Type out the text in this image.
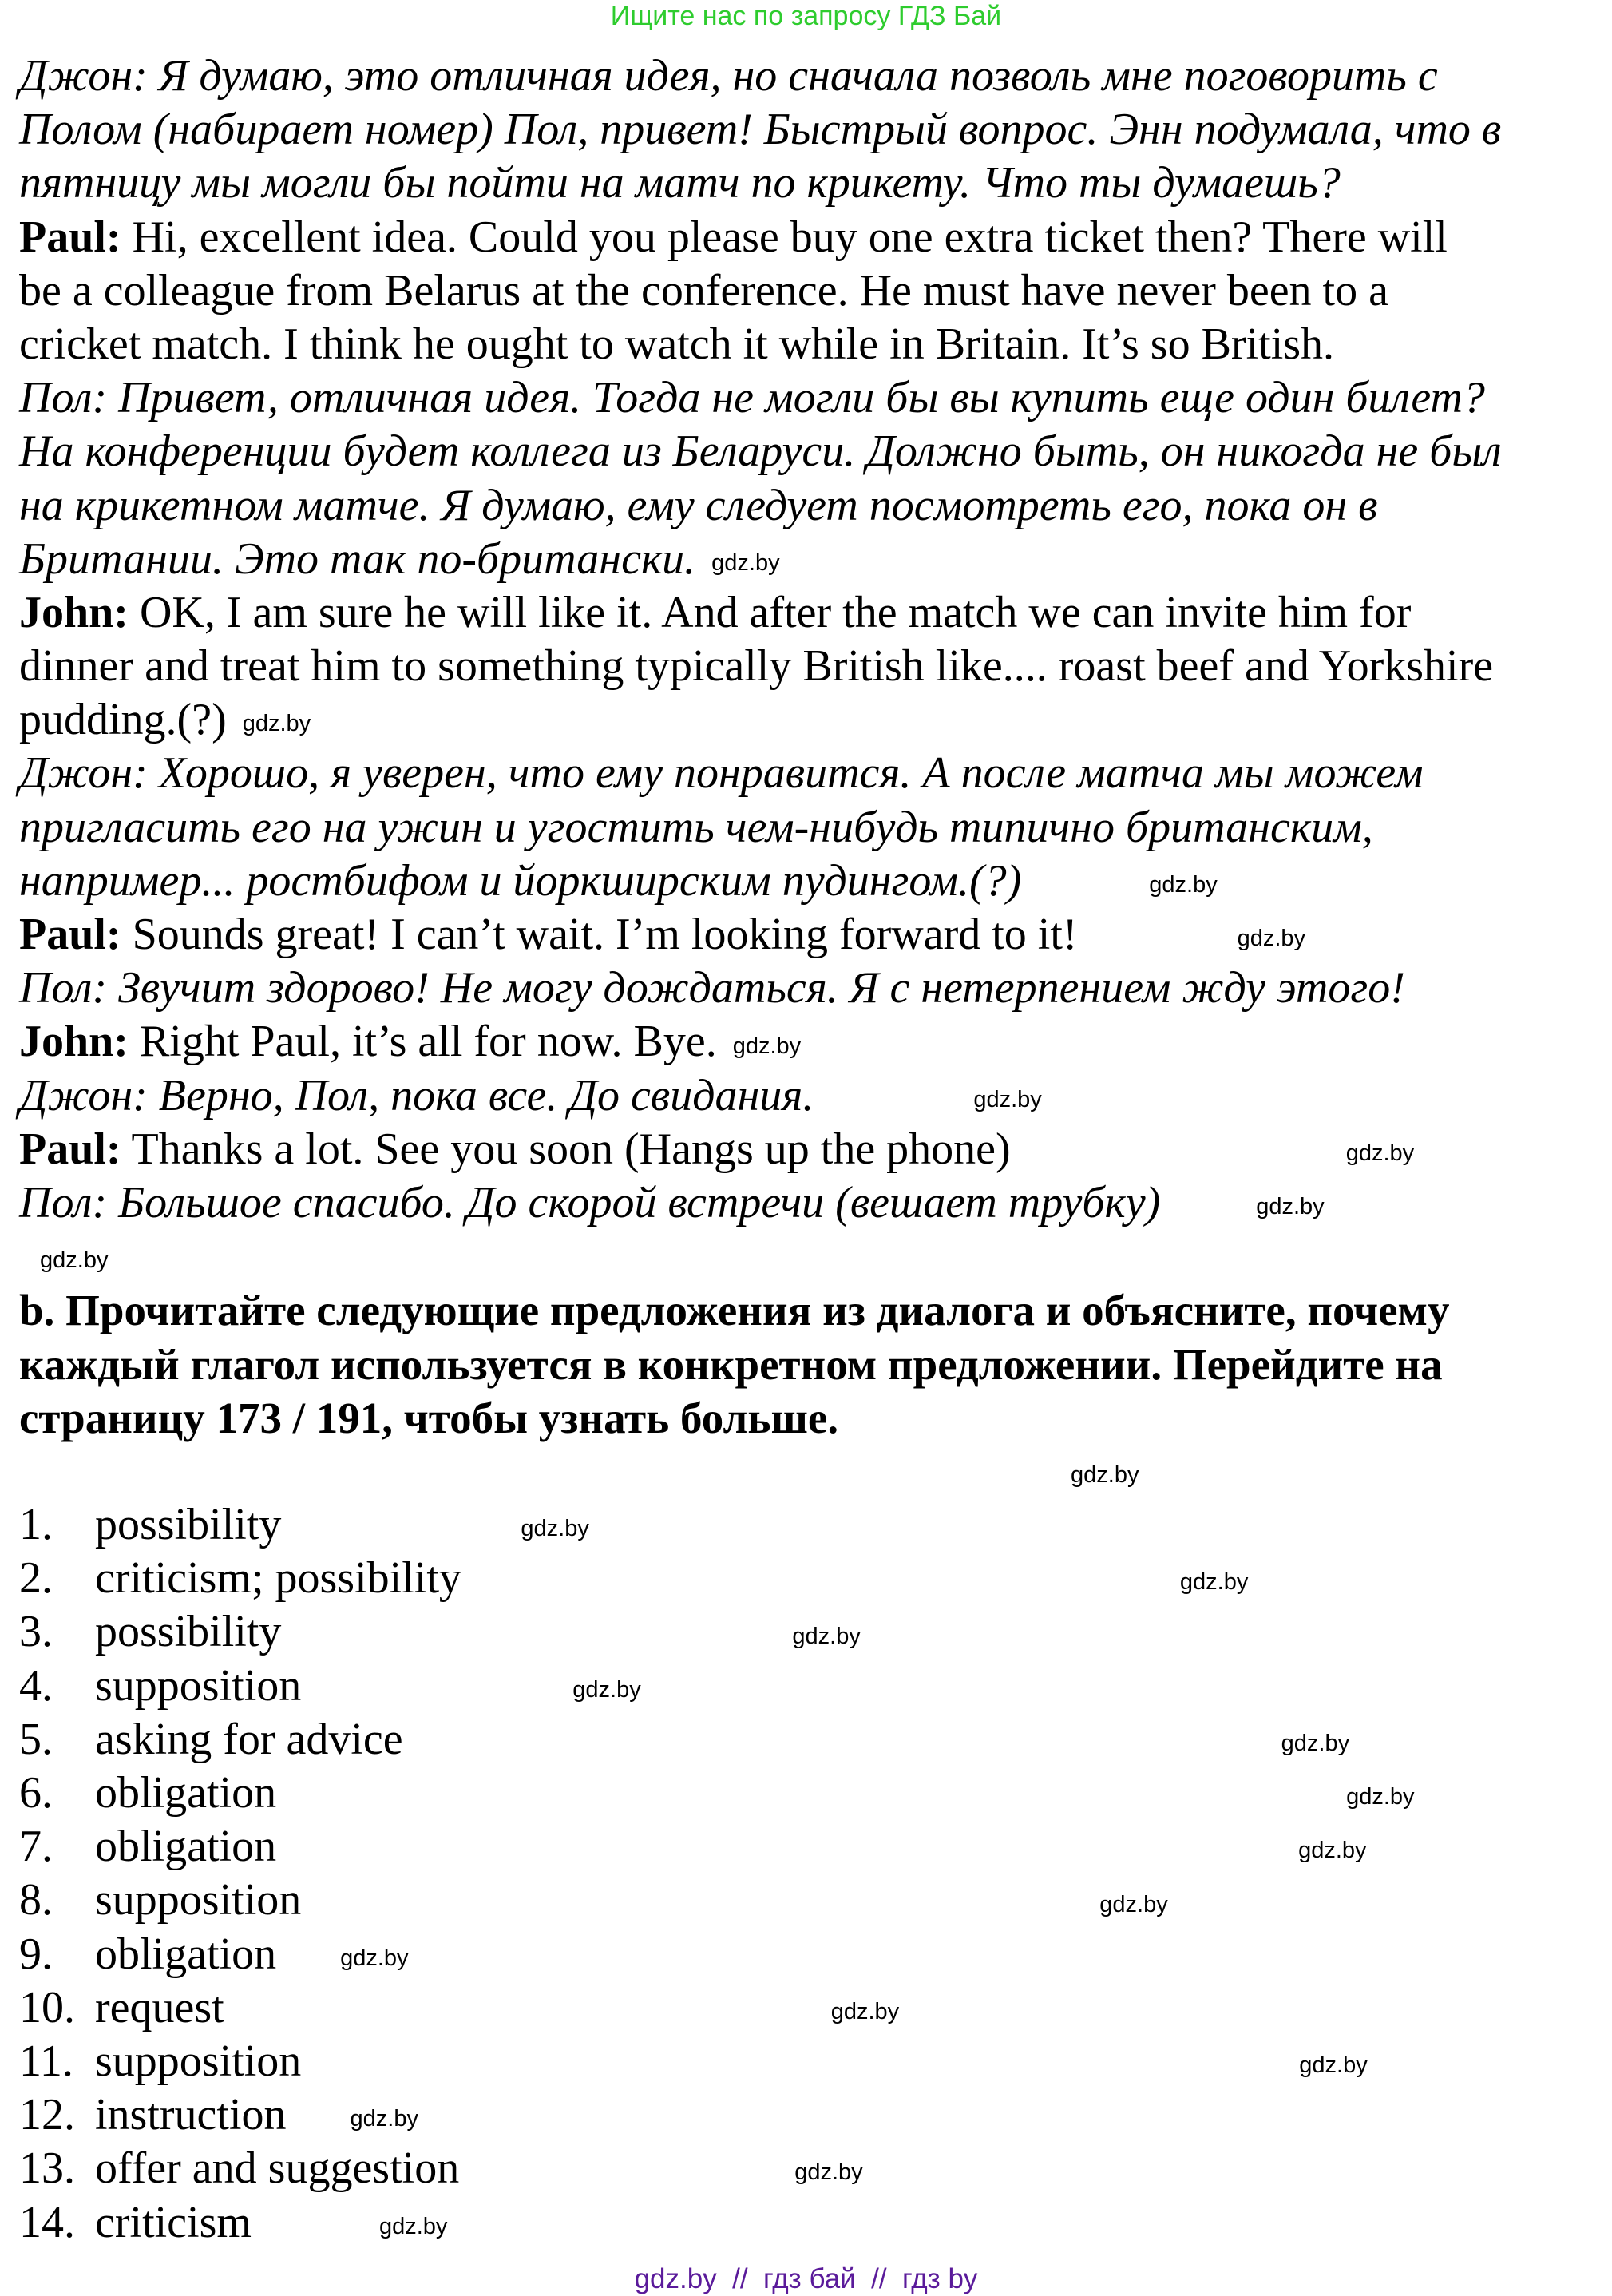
Ищите нас по запросу ГДЗ Бай
Джон: Я думаю, это отличная идея, но сначала позволь мне поговорить с
Полом (набирает номер) Пол, привет! Быстрый вопрос. Энн подумала, что в
пятницу мы могли бы пойти на матч по крикету. Что ты думаешь?
Paul: Hi, excellent idea. Could you please buy one extra ticket then? There will
be a colleague from Belarus at the conference. He must have never been to a
cricket match. I think he ought to watch it while in Britain. It’s so British.
Пол: Привет, отличная идея. Тогда не могли бы вы купить еще один билет?
На конференции будет коллега из Беларуси. Должно быть, он никогда не был
на крикетном матче. Я думаю, ему следует посмотреть его, пока он в
Британии. Это так по-британски. gdz.by
John: OK, I am sure he will like it. And after the match we can invite him for
dinner and treat him to something typically British like.... roast beef and Yorkshire
pudding.(?) gdz.by
Джон: Хорошо, я уверен, что ему понравится. А после матча мы можем
пригласить его на ужин и угостить чем-нибудь типично британским,
например... ростбифом и йоркширским пудингом.(?)	gdz.by
Paul: Sounds great! I can’t wait. I’m looking forward to it!	gdz.by
Пол: Звучит здорово! Не могу дождаться. Я с нетерпением жду этого!
John: Right Paul, it’s all for now. Bye. gdz.by
Джон: Верно, Пол, пока все. До свидания.	gdz.by
Paul: Thanks a lot. See you soon (Hangs up the phone)	gdz.by
Пол: Большое спасибо. До скорой встречи (вешает трубку)	gdz.by
gdz.by
b. Прочитайте следующие предложения из диалога и объясните, почему
каждый глагол используется в конкретном предложении. Перейдите на
страницу 173 / 191, чтобы узнать больше.
gdz.by
1. possibility	gdz.by
2. criticism; possibility	gdz.by
3. possibility	gdz.by
4. supposition	gdz.by
5. asking for advice	gdz.by
6. obligation	gdz.by
7. obligation	gdz.by
8. supposition	gdz.by
9. obligation	gdz.by
10. request	gdz.by
11. supposition	gdz.by
12. instruction	gdz.by
13. offer and suggestion	gdz.by
14. criticism	gdz.by
gdz.by  //  гдз бай  //  гдз by
